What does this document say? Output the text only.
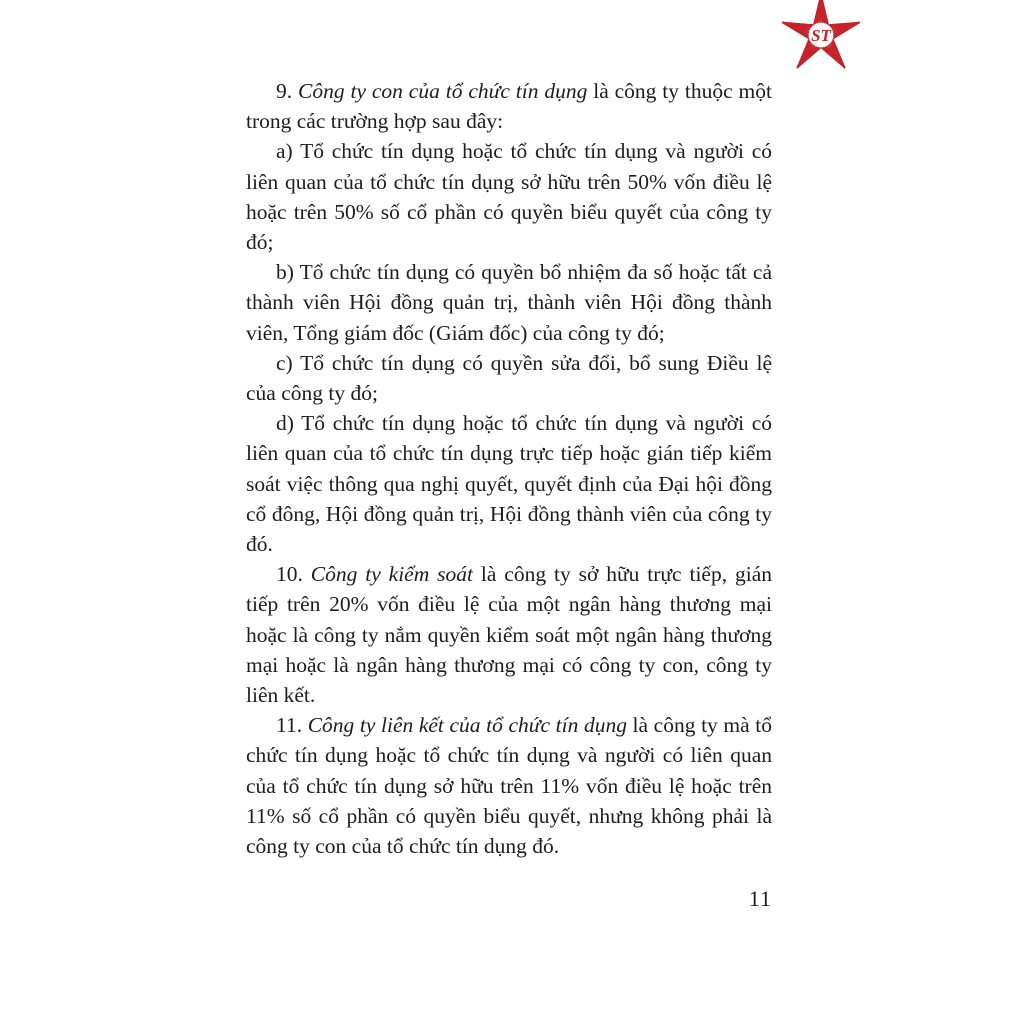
ST

9. Công ty con của tổ chức tín dụng là công ty thuộc một trong các trường hợp sau đây:

a) Tổ chức tín dụng hoặc tổ chức tín dụng và người có liên quan của tổ chức tín dụng sở hữu trên 50% vốn điều lệ hoặc trên 50% số cổ phần có quyền biểu quyết của công ty đó;

b) Tổ chức tín dụng có quyền bổ nhiệm đa số hoặc tất cả thành viên Hội đồng quản trị, thành viên Hội đồng thành viên, Tổng giám đốc (Giám đốc) của công ty đó;

c) Tổ chức tín dụng có quyền sửa đổi, bổ sung Điều lệ của công ty đó;

d) Tổ chức tín dụng hoặc tổ chức tín dụng và người có liên quan của tổ chức tín dụng trực tiếp hoặc gián tiếp kiểm soát việc thông qua nghị quyết, quyết định của Đại hội đồng cổ đông, Hội đồng quản trị, Hội đồng thành viên của công ty đó.

10. Công ty kiểm soát là công ty sở hữu trực tiếp, gián tiếp trên 20% vốn điều lệ của một ngân hàng thương mại hoặc là công ty nắm quyền kiểm soát một ngân hàng thương mại hoặc là ngân hàng thương mại có công ty con, công ty liên kết.

11. Công ty liên kết của tổ chức tín dụng là công ty mà tổ chức tín dụng hoặc tổ chức tín dụng và người có liên quan của tổ chức tín dụng sở hữu trên 11% vốn điều lệ hoặc trên 11% số cổ phần có quyền biểu quyết, nhưng không phải là công ty con của tổ chức tín dụng đó.

11
